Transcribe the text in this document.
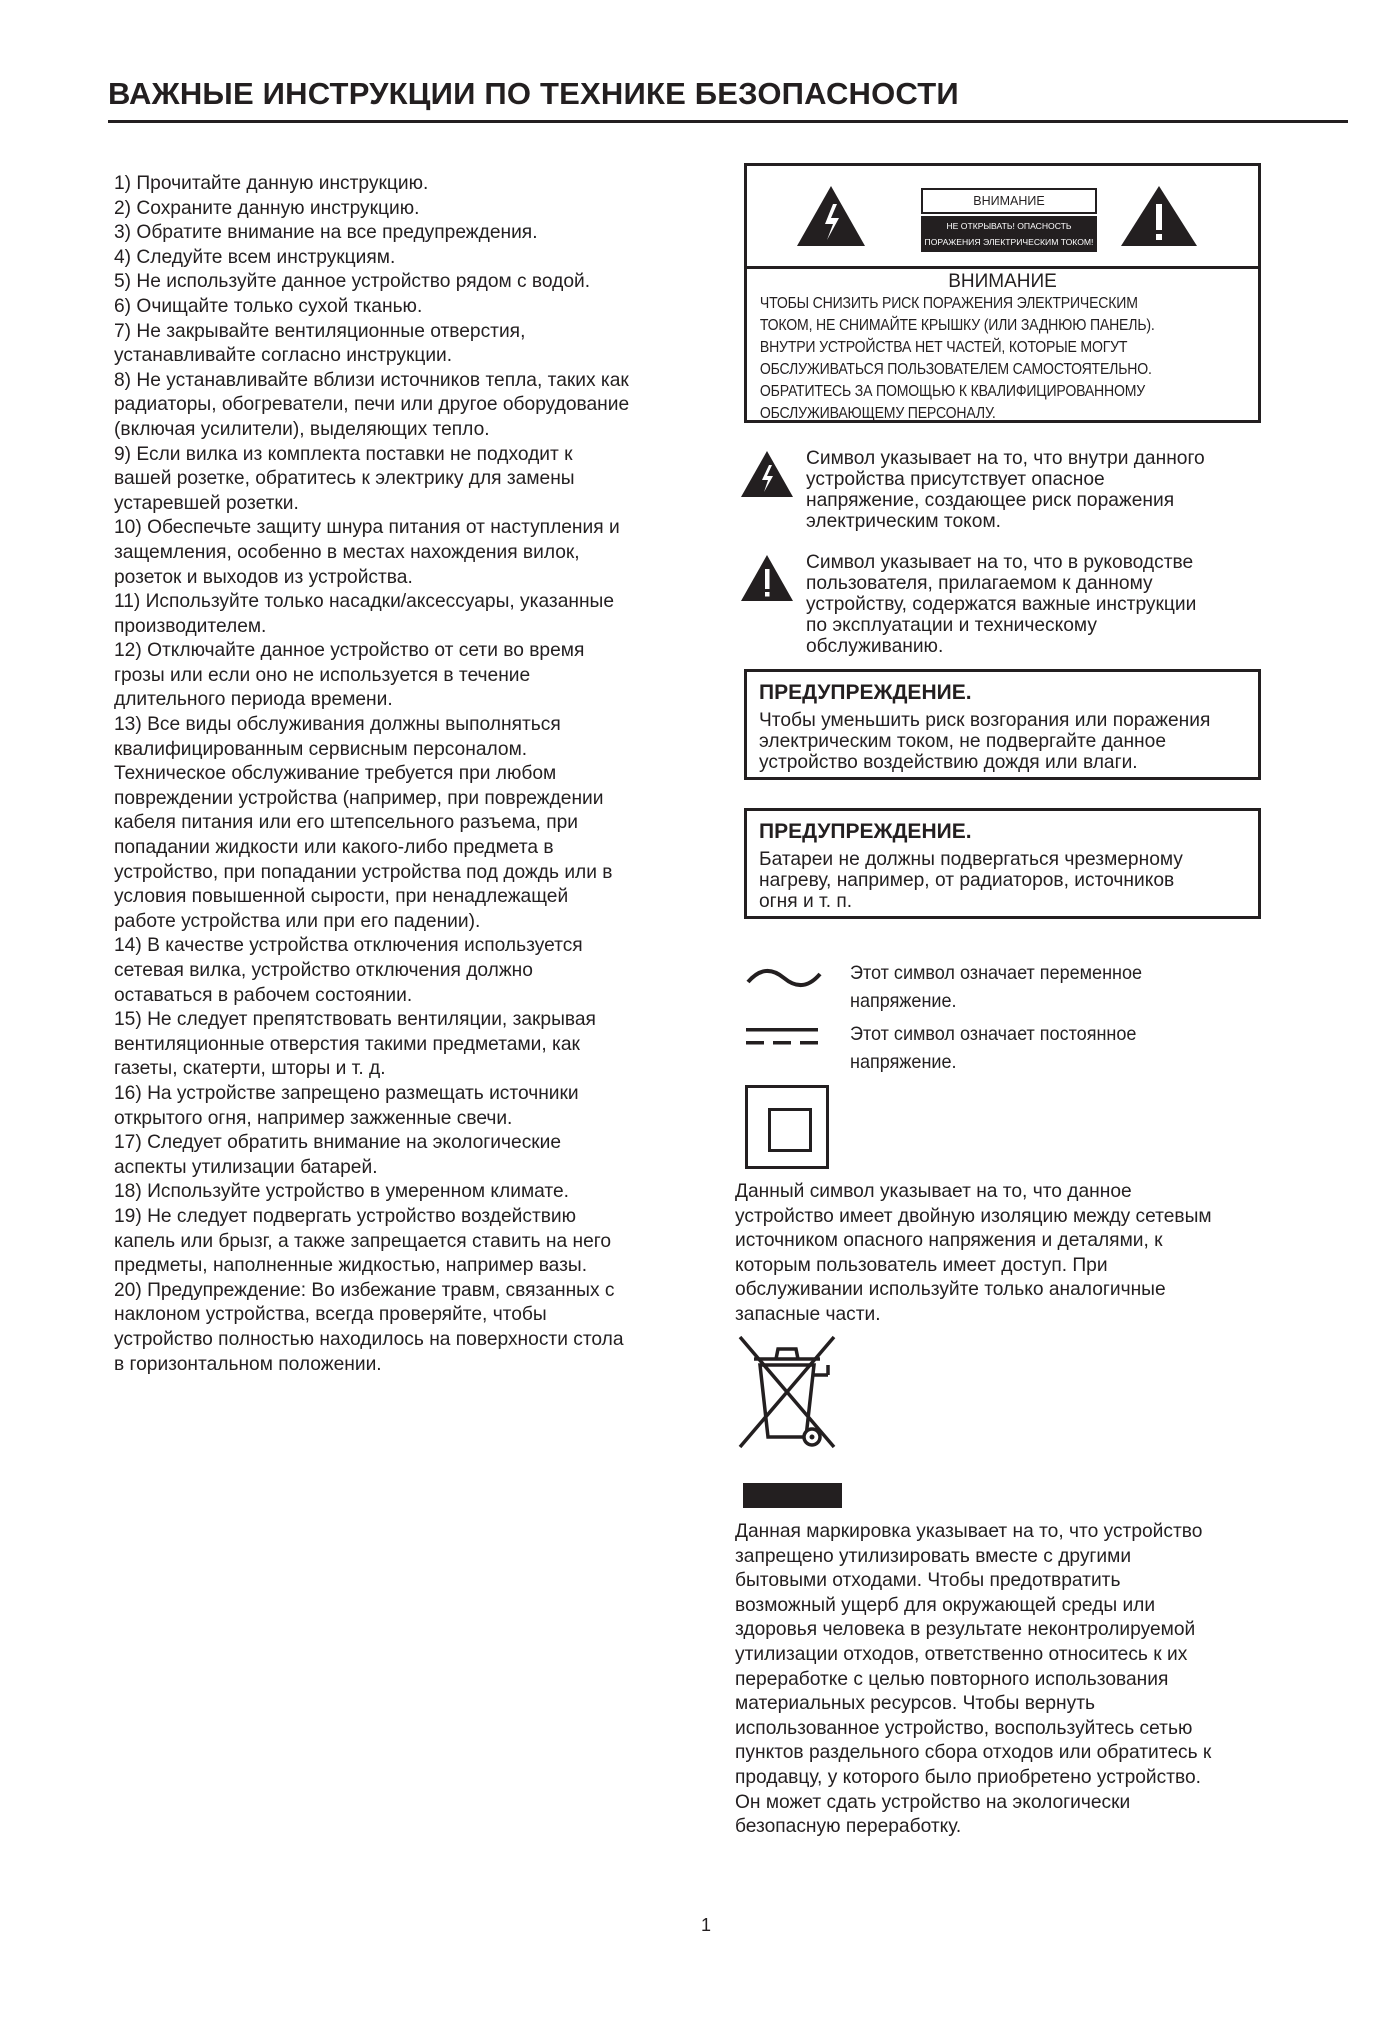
ВАЖНЫЕ ИНСТРУКЦИИ ПО ТЕХНИКЕ БЕЗОПАСНОСТИ
1) Прочитайте данную инструкцию.
2) Сохраните данную инструкцию.
3) Обратите внимание на все предупреждения.
4) Следуйте всем инструкциям.
5) Не используйте данное устройство рядом с водой.
6) Очищайте только сухой тканью.
7) Не закрывайте вентиляционные отверстия,
устанавливайте согласно инструкции.
8) Не устанавливайте вблизи источников тепла, таких как
радиаторы, обогреватели, печи или другое оборудование
(включая усилители), выделяющих тепло.
9) Если вилка из комплекта поставки не подходит к
вашей розетке, обратитесь к электрику для замены
устаревшей розетки.
10) Обеспечьте защиту шнура питания от наступления и
защемления, особенно в местах нахождения вилок,
розеток и выходов из устройства.
11) Используйте только насадки/аксессуары, указанные
производителем.
12) Отключайте данное устройство от сети во время
грозы или если оно не используется в течение
длительного периода времени.
13) Все виды обслуживания должны выполняться
квалифицированным сервисным персоналом.
Техническое обслуживание требуется при любом
повреждении устройства (например, при повреждении
кабеля питания или его штепсельного разъема, при
попадании жидкости или какого-либо предмета в
устройство, при попадании устройства под дождь или в
условия повышенной сырости, при ненадлежащей
работе устройства или при его падении).
14) В качестве устройства отключения используется
сетевая вилка, устройство отключения должно
оставаться в рабочем состоянии.
15) Не следует препятствовать вентиляции, закрывая
вентиляционные отверстия такими предметами, как
газеты, скатерти, шторы и т. д.
16) На устройстве запрещено размещать источники
открытого огня, например зажженные свечи.
17) Следует обратить внимание на экологические
аспекты утилизации батарей.
18) Используйте устройство в умеренном климате.
19) Не следует подвергать устройство воздействию
капель или брызг, а также запрещается ставить на него
предметы, наполненные жидкостью, например вазы.
20) Предупреждение: Во избежание травм, связанных с
наклоном устройства, всегда проверяйте, чтобы
устройство полностью находилось на поверхности стола
в горизонтальном положении.
ВНИМАНИЕ
НЕ ОТКРЫВАТЬ! ОПАСНОСТЬ
ПОРАЖЕНИЯ ЭЛЕКТРИЧЕСКИМ ТОКОМ!
ВНИМАНИЕ
ЧТОБЫ СНИЗИТЬ РИСК ПОРАЖЕНИЯ ЭЛЕКТРИЧЕСКИМ
ТОКОМ, НЕ СНИМАЙТЕ КРЫШКУ (ИЛИ ЗАДНЮЮ ПАНЕЛЬ).
ВНУТРИ УСТРОЙСТВА НЕТ ЧАСТЕЙ, КОТОРЫЕ МОГУТ
ОБСЛУЖИВАТЬСЯ ПОЛЬЗОВАТЕЛЕМ САМОСТОЯТЕЛЬНО.
ОБРАТИТЕСЬ ЗА ПОМОЩЬЮ К КВАЛИФИЦИРОВАННОМУ
ОБСЛУЖИВАЮЩЕМУ ПЕРСОНАЛУ.
Символ указывает на то, что внутри данного
устройства присутствует опасное
напряжение, создающее риск поражения
электрическим током.
Символ указывает на то, что в руководстве
пользователя, прилагаемом к данному
устройству, содержатся важные инструкции
по эксплуатации и техническому
обслуживанию.
ПРЕДУПРЕЖДЕНИЕ.
Чтобы уменьшить риск возгорания или поражения
электрическим током, не подвергайте данное
устройство воздействию дождя или влаги.
ПРЕДУПРЕЖДЕНИЕ.
Батареи не должны подвергаться чрезмерному
нагреву, например, от радиаторов, источников
огня и т. п.
Этот символ означает переменное
напряжение.
Этот символ означает постоянное
напряжение.
Данный символ указывает на то, что данное
устройство имеет двойную изоляцию между сетевым
источником опасного напряжения и деталями, к
которым пользователь имеет доступ. При
обслуживании используйте только аналогичные
запасные части.
Данная маркировка указывает на то, что устройство
запрещено утилизировать вместе с другими
бытовыми отходами. Чтобы предотвратить
возможный ущерб для окружающей среды или
здоровья человека в результате неконтролируемой
утилизации отходов, ответственно относитесь к их
переработке с целью повторного использования
материальных ресурсов. Чтобы вернуть
использованное устройство, воспользуйтесь сетью
пунктов раздельного сбора отходов или обратитесь к
продавцу, у которого было приобретено устройство.
Он может сдать устройство на экологически
безопасную переработку.
1
